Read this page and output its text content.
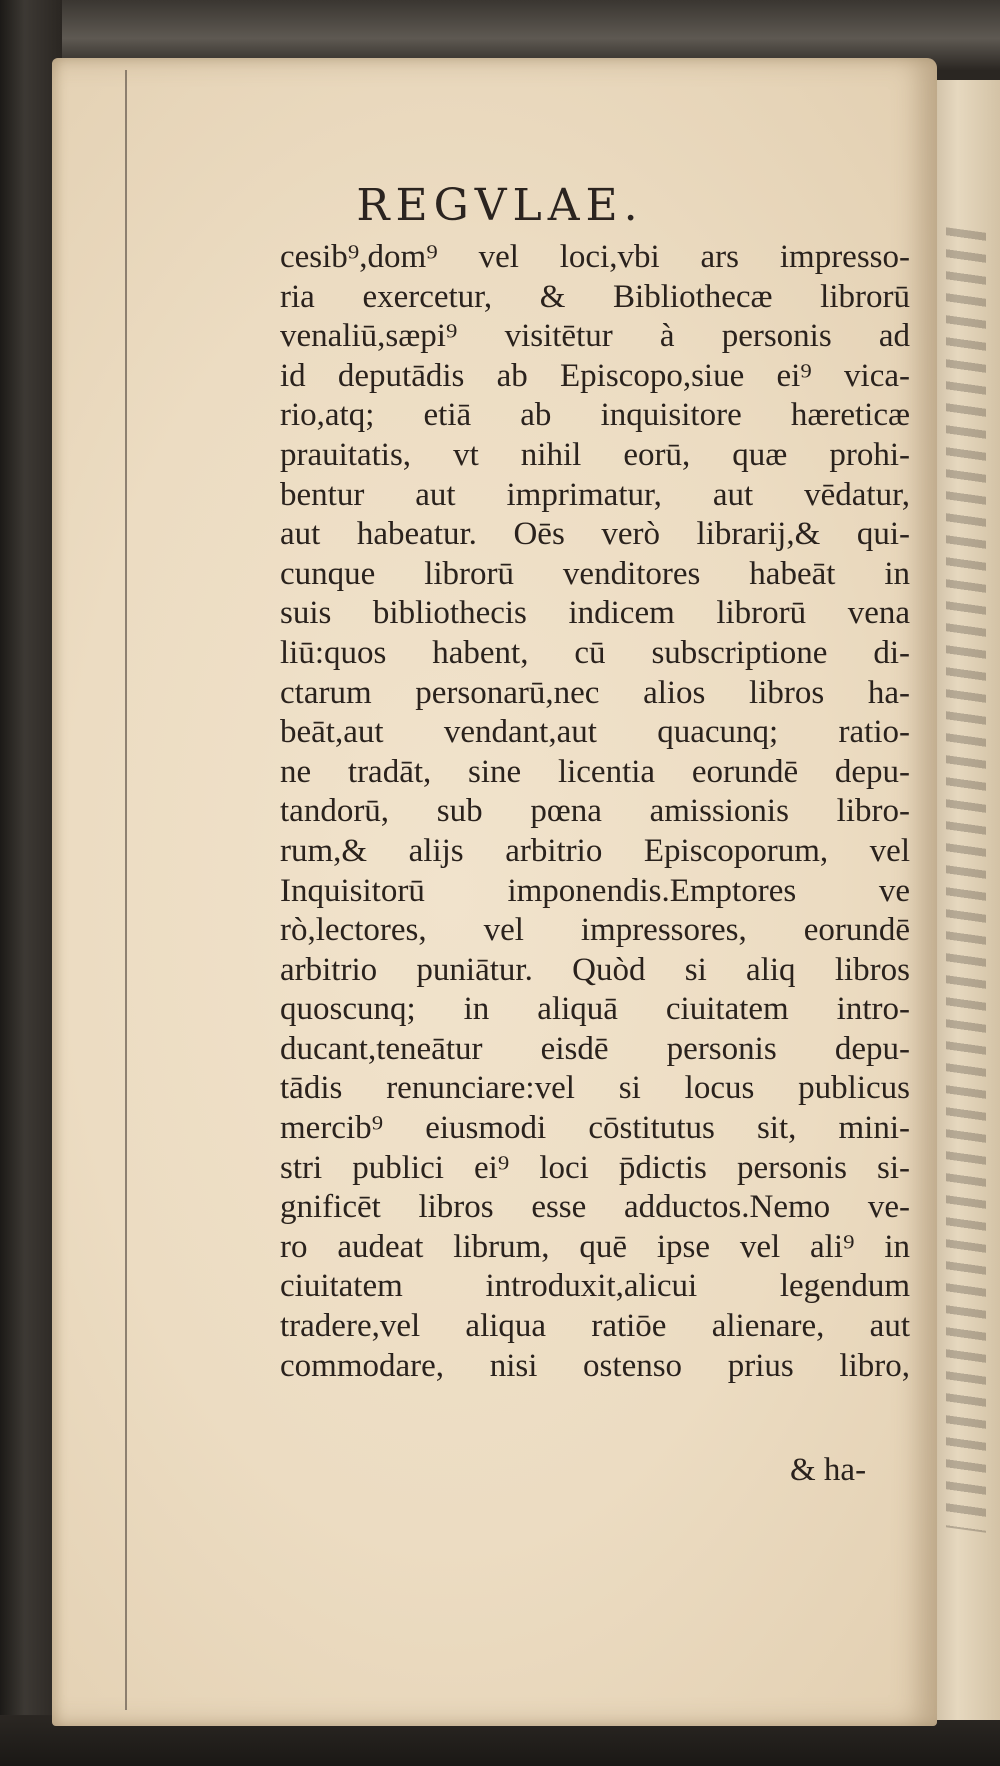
REGVLAE.
cesib⁹,dom⁹ vel loci,vbi ars impresso-
ria exercetur, & Bibliothecæ librorū
venaliū,sæpi⁹ visitētur à personis ad
id deputādis ab Episcopo,siue ei⁹ vica-
rio,atq; etiā ab inquisitore hæreticæ
prauitatis, vt nihil eorū, quæ prohi-
bentur aut imprimatur, aut vēdatur,
aut habeatur. Oēs verò librarij,& qui-
cunque librorū venditores habeāt in
suis bibliothecis indicem librorū vena
liū:quos habent, cū subscriptione di-
ctarum personarū,nec alios libros ha-
beāt,aut vendant,aut quacunq; ratio-
ne tradāt, sine licentia eorundē depu-
tandorū, sub pœna amissionis libro-
rum,& alijs arbitrio Episcoporum, vel
Inquisitorū imponendis.Emptores ve
rò,lectores, vel impressores, eorundē
arbitrio puniātur. Quòd si aliq libros
quoscunq; in aliquā ciuitatem intro-
ducant,teneātur eisdē personis depu-
tādis renunciare:vel si locus publicus
mercib⁹ eiusmodi cōstitutus sit, mini-
stri publici ei⁹ loci p̄dictis personis si-
gnificēt libros esse adductos.Nemo ve-
ro audeat librum, quē ipse vel ali⁹ in
ciuitatem introduxit,alicui legendum
tradere,vel aliqua ratiōe alienare, aut
commodare, nisi ostenso prius libro,
& ha-
